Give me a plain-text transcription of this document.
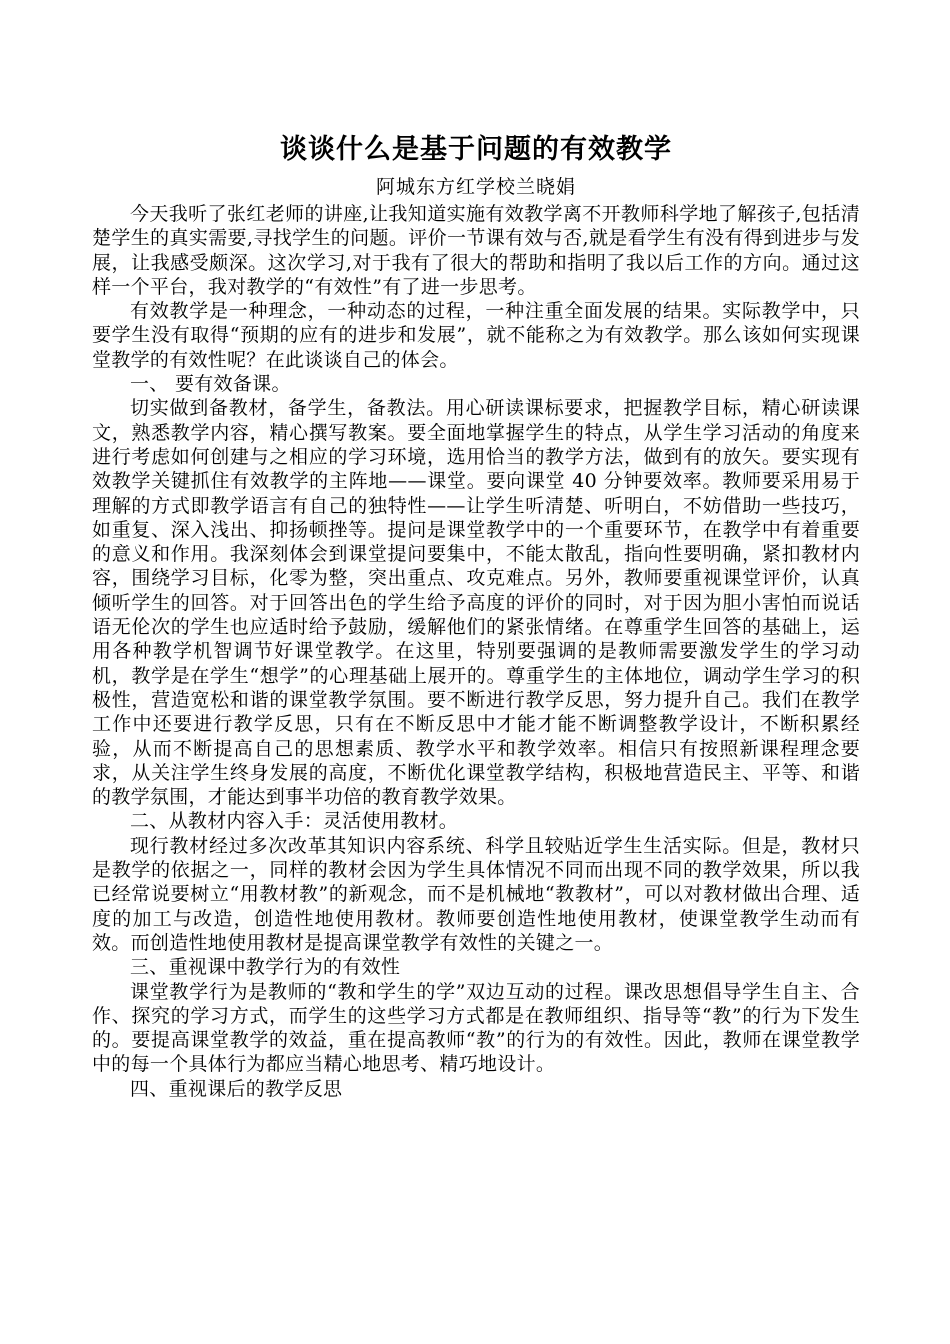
谈谈什么是基于问题的有效教学

阿城东方红学校兰晓娟

今天我听了张红老师的讲座,让我知道实施有效教学离不开教师科学地了解孩子,包括清楚学生的真实需要,寻找学生的问题。评价一节课有效与否,就是看学生有没有得到进步与发展，让我感受颇深。这次学习,对于我有了很大的帮助和指明了我以后工作的方向。通过这样一个平台，我对教学的“有效性”有了进一步思考。

有效教学是一种理念，一种动态的过程，一种注重全面发展的结果。实际教学中，只要学生没有取得“预期的应有的进步和发展”，就不能称之为有效教学。那么该如何实现课堂教学的有效性呢？在此谈谈自己的体会。

一、 要有效备课。

切实做到备教材，备学生，备教法。用心研读课标要求，把握教学目标，精心研读课文，熟悉教学内容，精心撰写教案。要全面地掌握学生的特点，从学生学习活动的角度来进行考虑如何创建与之相应的学习环境，选用恰当的教学方法，做到有的放矢。要实现有效教学关键抓住有效教学的主阵地——课堂。要向课堂 40 分钟要效率。教师要采用易于理解的方式即教学语言有自己的独特性——让学生听清楚、听明白，不妨借助一些技巧，如重复、深入浅出、抑扬顿挫等。提问是课堂教学中的一个重要环节，在教学中有着重要的意义和作用。我深刻体会到课堂提问要集中，不能太散乱，指向性要明确，紧扣教材内容，围绕学习目标，化零为整，突出重点、攻克难点。另外，教师要重视课堂评价，认真倾听学生的回答。对于回答出色的学生给予高度的评价的同时，对于因为胆小害怕而说话语无伦次的学生也应适时给予鼓励，缓解他们的紧张情绪。在尊重学生回答的基础上，运用各种教学机智调节好课堂教学。在这里，特别要强调的是教师需要激发学生的学习动机，教学是在学生“想学”的心理基础上展开的。尊重学生的主体地位，调动学生学习的积极性，营造宽松和谐的课堂教学氛围。要不断进行教学反思，努力提升自己。我们在教学工作中还要进行教学反思，只有在不断反思中才能才能不断调整教学设计，不断积累经验，从而不断提高自己的思想素质、教学水平和教学效率。相信只有按照新课程理念要求，从关注学生终身发展的高度，不断优化课堂教学结构，积极地营造民主、平等、和谐的教学氛围，才能达到事半功倍的教育教学效果。

二、从教材内容入手：灵活使用教材。

现行教材经过多次改革其知识内容系统、科学且较贴近学生生活实际。但是，教材只是教学的依据之一，同样的教材会因为学生具体情况不同而出现不同的教学效果，所以我已经常说要树立“用教材教”的新观念，而不是机械地“教教材”，可以对教材做出合理、适度的加工与改造，创造性地使用教材。教师要创造性地使用教材，使课堂教学生动而有效。而创造性地使用教材是提高课堂教学有效性的关键之一。

三、重视课中教学行为的有效性

课堂教学行为是教师的“教和学生的学”双边互动的过程。课改思想倡导学生自主、合作、探究的学习方式，而学生的这些学习方式都是在教师组织、指导等“教”的行为下发生的。要提高课堂教学的效益，重在提高教师“教”的行为的有效性。因此，教师在课堂教学中的每一个具体行为都应当精心地思考、精巧地设计。

四、重视课后的教学反思
